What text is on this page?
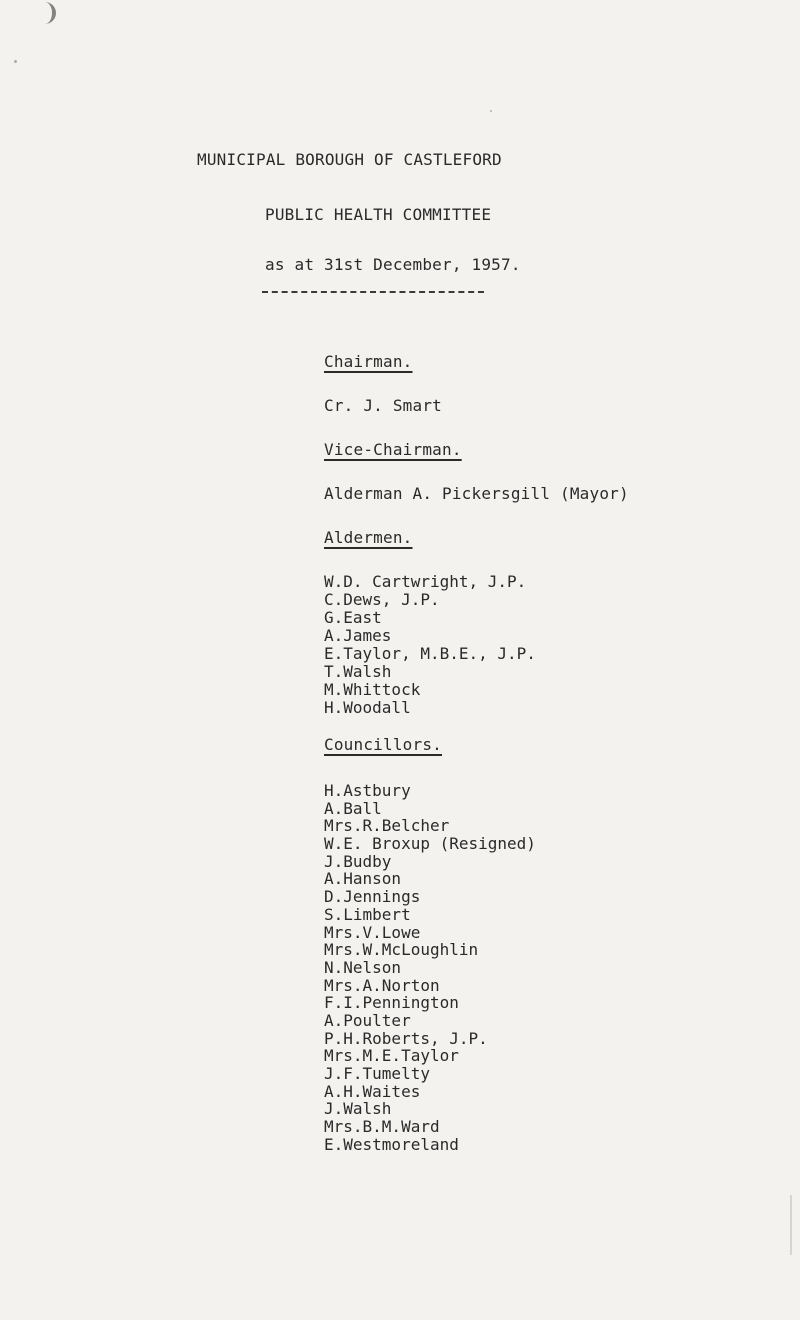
MUNICIPAL BOROUGH OF CASTLEFORD
PUBLIC HEALTH COMMITTEE
as at 31st December, 1957.
Chairman.
Cr. J. Smart
Vice-Chairman.
Alderman A. Pickersgill (Mayor)
Aldermen.
W.D. Cartwright, J.P.
C.Dews, J.P.
G.East
A.James
E.Taylor, M.B.E., J.P.
T.Walsh
M.Whittock
H.Woodall
Councillors.
H.Astbury
A.Ball
Mrs.R.Belcher
W.E. Broxup (Resigned)
J.Budby
A.Hanson
D.Jennings
S.Limbert
Mrs.V.Lowe
Mrs.W.McLoughlin
N.Nelson
Mrs.A.Norton
F.I.Pennington
A.Poulter
P.H.Roberts, J.P.
Mrs.M.E.Taylor
J.F.Tumelty
A.H.Waites
J.Walsh
Mrs.B.M.Ward
E.Westmoreland
